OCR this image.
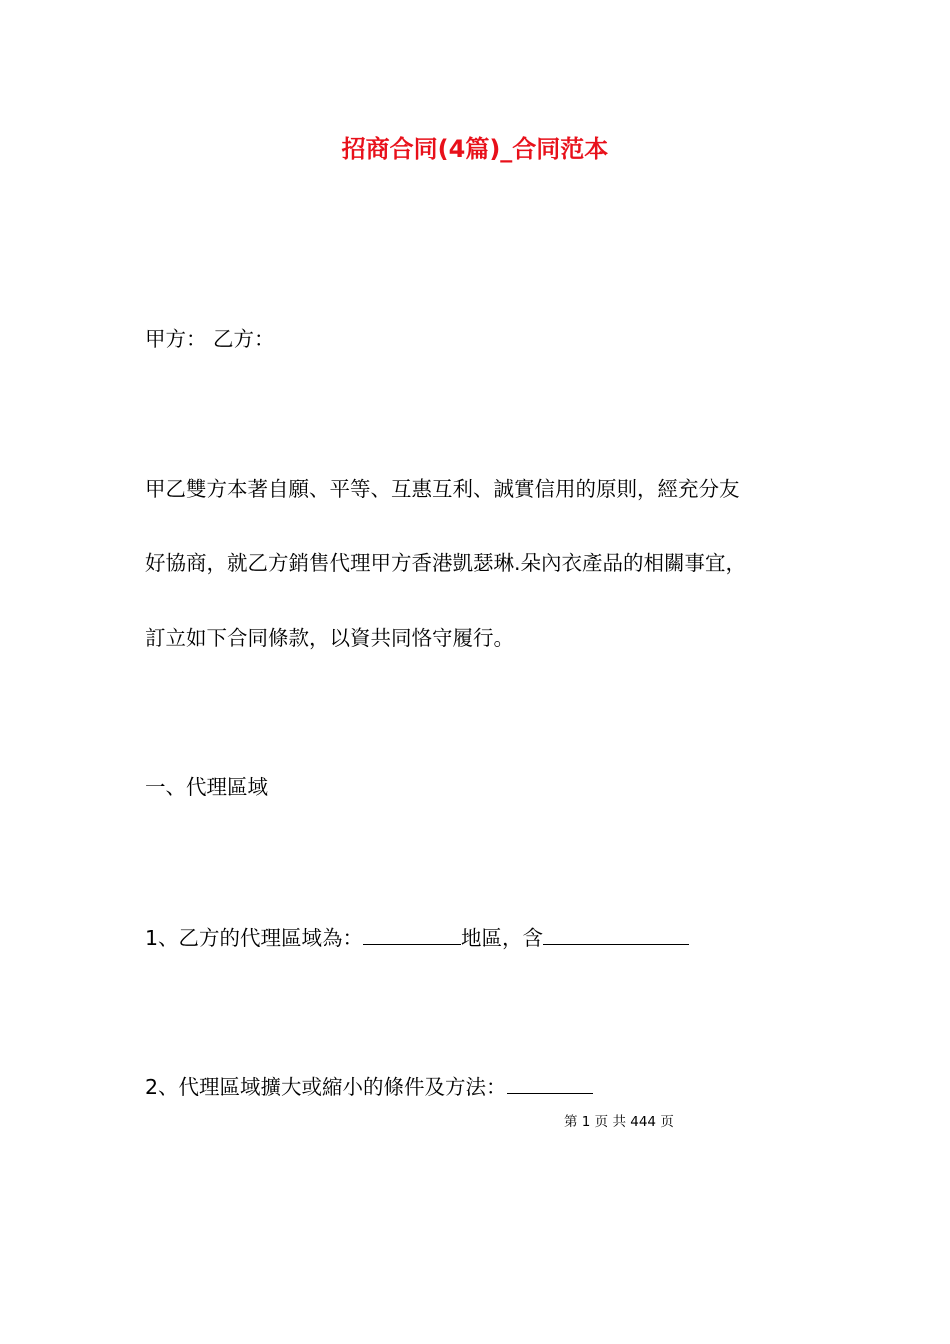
招商合同(4篇)_合同范本
甲方： 乙方：
甲乙雙方本著自願、平等、互惠互利、誠實信用的原則，經充分友
好協商，就乙方銷售代理甲方香港凱瑟琳.朵內衣產品的相關事宜，
訂立如下合同條款，以資共同恪守履行。
一、代理區域
1、乙方的代理區域為：	地區，含
2、代理區域擴大或縮小的條件及方法：
第 1 页 共 444 页
